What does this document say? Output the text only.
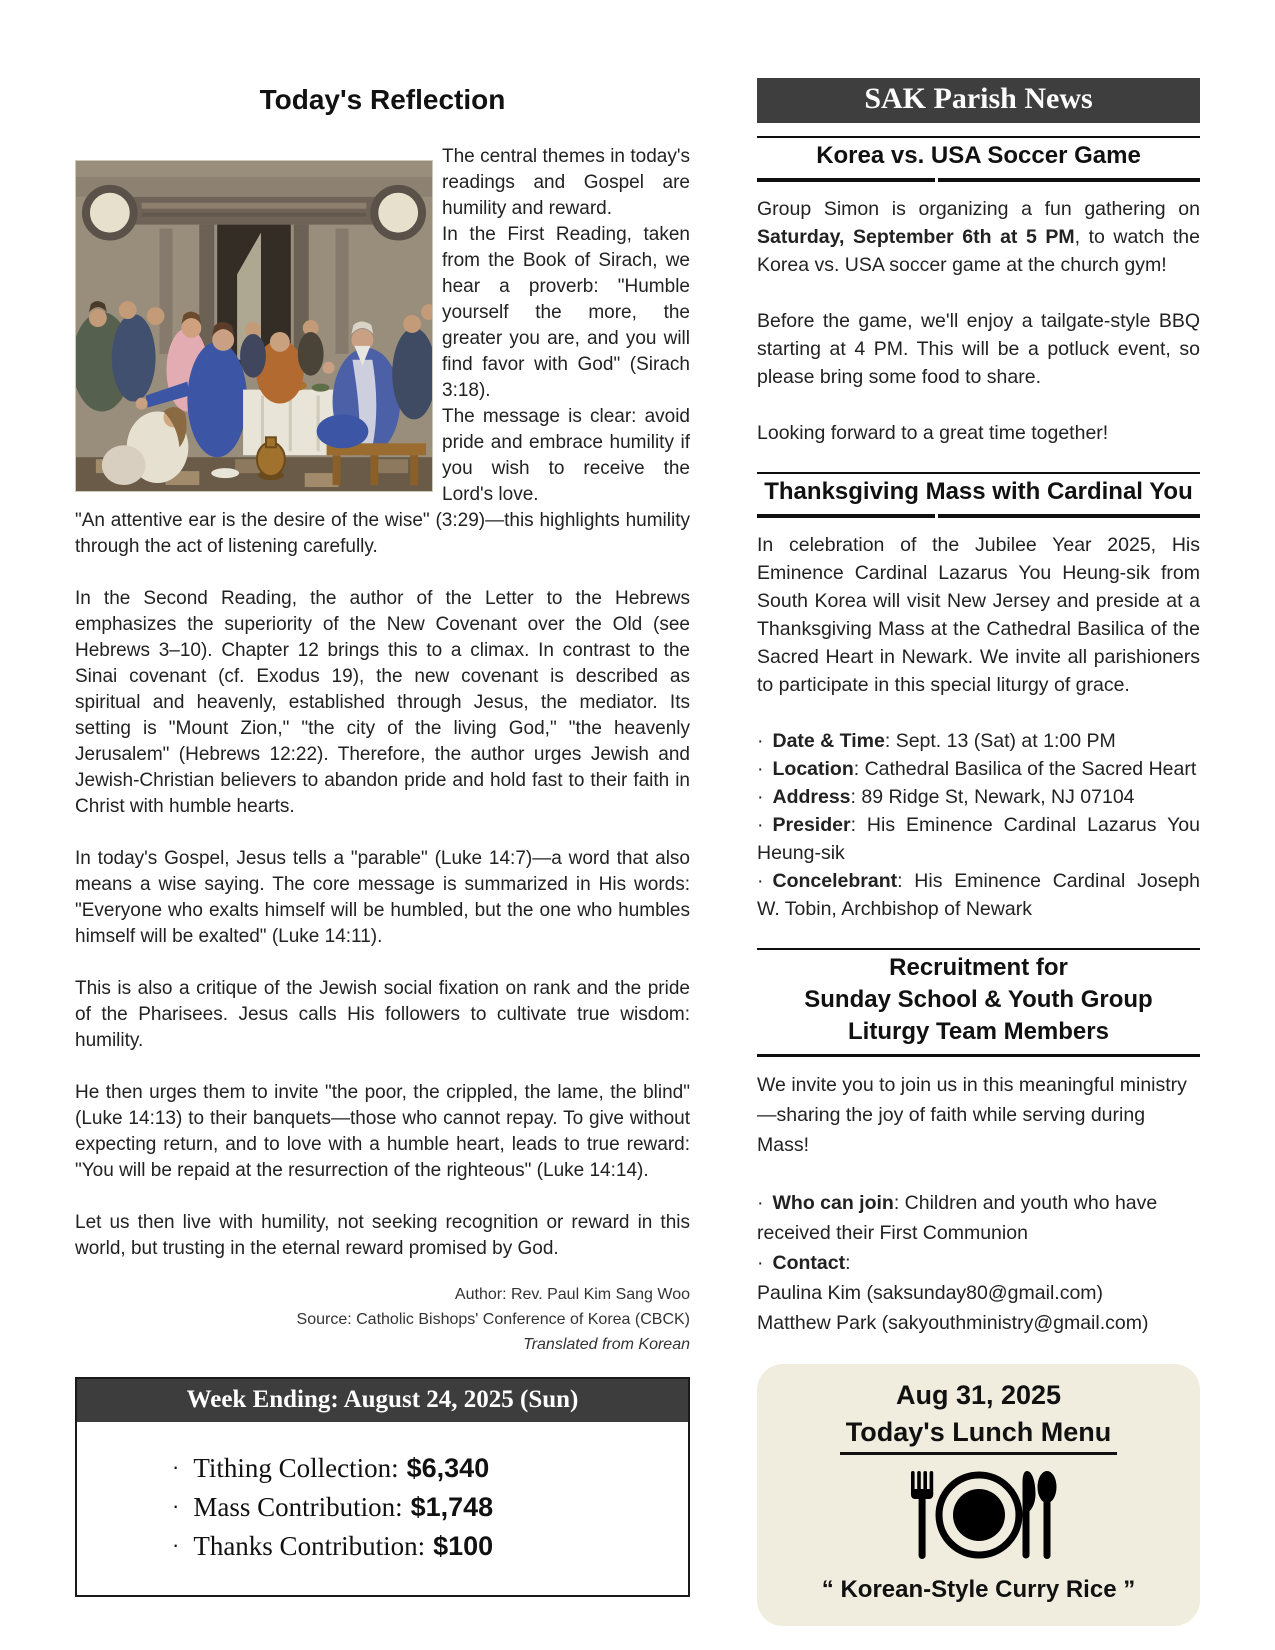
Today's Reflection

The central themes in today's readings and Gospel are humility and reward.

In the First Reading, taken from the Book of Sirach, we hear a proverb: "Humble yourself the more, the greater you are, and you will find favor with God" (Sirach 3:18).

The message is clear: avoid pride and embrace humility if you wish to receive the Lord's love.

"An attentive ear is the desire of the wise" (3:29)—this highlights humility through the act of listening carefully.

In the Second Reading, the author of the Letter to the Hebrews emphasizes the superiority of the New Covenant over the Old (see Hebrews 3–10). Chapter 12 brings this to a climax. In contrast to the Sinai covenant (cf. Exodus 19), the new covenant is described as spiritual and heavenly, established through Jesus, the mediator. Its setting is "Mount Zion," "the city of the living God," "the heavenly Jerusalem" (Hebrews 12:22). Therefore, the author urges Jewish and Jewish-Christian believers to abandon pride and hold fast to their faith in Christ with humble hearts.

In today's Gospel, Jesus tells a "parable" (Luke 14:7)—a word that also means a wise saying. The core message is summarized in His words: "Everyone who exalts himself will be humbled, but the one who humbles himself will be exalted" (Luke 14:11).

This is also a critique of the Jewish social fixation on rank and the pride of the Pharisees. Jesus calls His followers to cultivate true wisdom: humility.

He then urges them to invite "the poor, the crippled, the lame, the blind" (Luke 14:13) to their banquets—those who cannot repay. To give without expecting return, and to love with a humble heart, leads to true reward: "You will be repaid at the resurrection of the righteous" (Luke 14:14).

Let us then live with humility, not seeking recognition or reward in this world, but trusting in the eternal reward promised by God.

Author: Rev. Paul Kim Sang Woo
Source: Catholic Bishops' Conference of Korea (CBCK)
Translated from Korean
Week Ending: August 24, 2025 (Sun)
· Tithing Collection: $6,340
· Mass Contribution: $1,748
· Thanks Contribution: $100
SAK Parish News
Korea vs. USA Soccer Game

Group Simon is organizing a fun gathering on Saturday, September 6th at 5 PM, to watch the Korea vs. USA soccer game at the church gym!

Before the game, we'll enjoy a tailgate-style BBQ starting at 4 PM. This will be a potluck event, so please bring some food to share.

Looking forward to a great time together!

Thanksgiving Mass with Cardinal You

In celebration of the Jubilee Year 2025, His Eminence Cardinal Lazarus You Heung-sik from South Korea will visit New Jersey and preside at a Thanksgiving Mass at the Cathedral Basilica of the Sacred Heart in Newark. We invite all parishioners to participate in this special liturgy of grace.

· Date & Time: Sept. 13 (Sat) at 1:00 PM

· Location: Cathedral Basilica of the Sacred Heart

· Address: 89 Ridge St, Newark, NJ 07104

· Presider: His Eminence Cardinal Lazarus You Heung-sik

· Concelebrant: His Eminence Cardinal Joseph W. Tobin, Archbishop of Newark

Recruitment for
Sunday School & Youth Group
Liturgy Team Members

We invite you to join us in this meaningful ministry—sharing the joy of faith while serving during Mass!

· Who can join: Children and youth who have received their First Communion

· Contact:

Paulina Kim (saksunday80@gmail.com)

Matthew Park (sakyouthministry@gmail.com)

Aug 31, 2025
Today's Lunch Menu
“ Korean-Style Curry Rice ”
